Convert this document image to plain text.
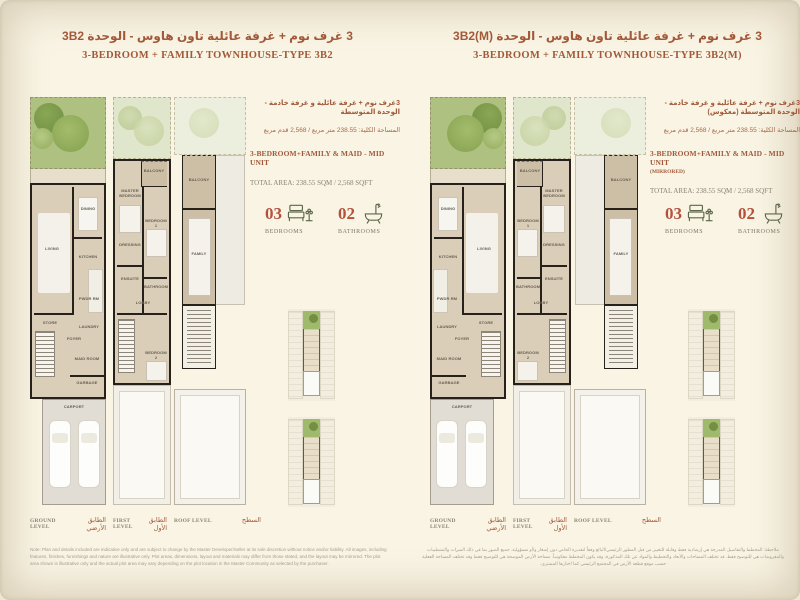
Note: Plan and details included are indicative only and are subject to change by the Master Developer/Seller at its sole discretion without notice and/or liability. All images, including features, finishes, furnishings and nature are illustrative only. Plot areas, dimensions, layout and materials may differ from those stated, and the layout may be mirrored. The plot area shown is illustrative only and the actual plot area may vary depending on the plot location in the Master Community as selected by the purchaser.
ملاحظة: المخطط والتفاصيل المدرجة هي إرشادية فقط وقابلة للتغيير من قبل المطور الرئيسي/البائع وفقاً لتقديره الخاص دون إشعار و/أو مسؤولية. جميع الصور بما في ذلك الميزات والتشطيبات والمفروشات هي للتوضيح فقط. قد تختلف المساحات والأبعاد والتخطيط والمواد عن تلك المذكورة، وقد يكون المخطط معكوساً. مساحة الأرض الموضحة هي للتوضيح فقط وقد تختلف المساحة الفعلية حسب موقع قطعة الأرض في المجتمع الرئيسي كما اختارها المشتري.
3 غرف نوم + غرفة عائلية تاون هاوس - الوحدة 3B2
3-BEDROOM + FAMILY TOWNHOUSE-TYPE 3B2
LIVING
DINING
KITCHEN
STORE
FOYER
PWDR RM
LAUNDRY
MAID ROOM
GARBAGE
CARPORT
BALCONY
MASTER BEDROOM
BEDROOM 1
DRESSING
ENSUITE
BATHROOM
LOBBY
BEDROOM 2
BALCONY
FAMILY
GROUND LEVEL
الطابق الأرضي
FIRST LEVEL
الطابق الأول
ROOF LEVEL	السطح
3غرف نوم + غرفة عائلية و غرفة خادمة - الوحدة المتوسطة
المساحة الكلية: 238.55 متر مربع / 2,568 قدم مربع
3-BEDROOM+FAMILY & MAID - MID UNIT
TOTAL AREA: 238.55 SQM / 2,568 SQFT
03
BEDROOMS
02
BATHROOMS
3 غرف نوم + غرفة عائلية تاون هاوس - الوحدة 3B2(M)
3-BEDROOM + FAMILY TOWNHOUSE-TYPE 3B2(M)
LIVING
DINING
KITCHEN
STORE
FOYER
PWDR RM
LAUNDRY
MAID ROOM
GARBAGE
CARPORT
BALCONY
MASTER BEDROOM
BEDROOM 1
DRESSING
ENSUITE
BATHROOM
LOBBY
BEDROOM 2
BALCONY
FAMILY
GROUND LEVEL
الطابق الأرضي
FIRST LEVEL
الطابق الأول
ROOF LEVEL	السطح
3غرف نوم + غرفة عائلية و غرفة خادمة - الوحدة المتوسطة (معكوس)
المساحة الكلية: 238.55 متر مربع / 2,568 قدم مربع
3-BEDROOM+FAMILY & MAID - MID UNIT
(MIRRORED)
TOTAL AREA: 238.55 SQM / 2,568 SQFT
03
BEDROOMS
02
BATHROOMS
